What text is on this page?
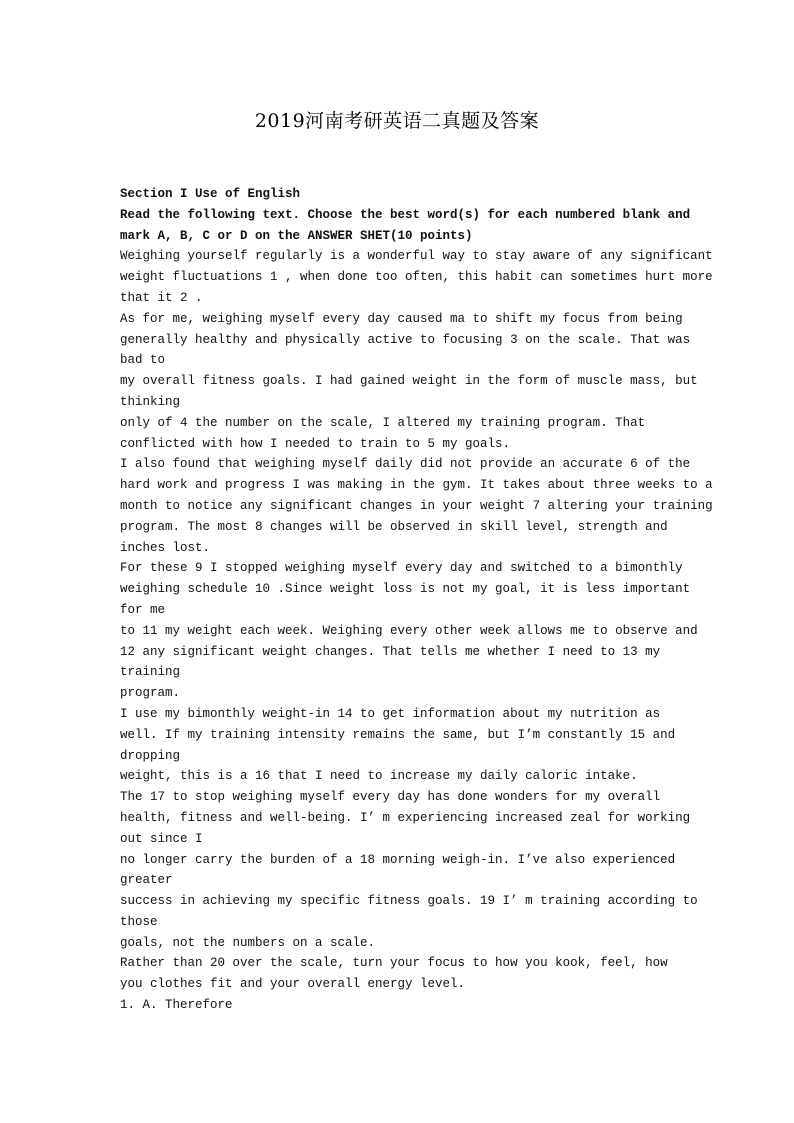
2019河南考研英语二真题及答案
Section I Use of English
Read the following text. Choose the best word(s) for each numbered blank and
mark A, B, C or D on the ANSWER SHET(10 points)
Weighing yourself regularly is a wonderful way to stay aware of any significant
weight fluctuations 1 , when done too often, this habit can sometimes hurt more
that it 2 .
As for me, weighing myself every day caused ma to shift my focus from being
generally healthy and physically active to focusing 3 on the scale. That was
bad to
my overall fitness goals. I had gained weight in the form of muscle mass, but
thinking
only of 4 the number on the scale, I altered my training program. That
conflicted with how I needed to train to 5 my goals.
I also found that weighing myself daily did not provide an accurate 6 of the
hard work and progress I was making in the gym. It takes about three weeks to a
month to notice any significant changes in your weight 7 altering your training
program. The most 8 changes will be observed in skill level, strength and
inches lost.
For these 9 I stopped weighing myself every day and switched to a bimonthly
weighing schedule 10 .Since weight loss is not my goal, it is less important
for me
to 11 my weight each week. Weighing every other week allows me to observe and
12 any significant weight changes. That tells me whether I need to 13 my
training
program.
I use my bimonthly weight-in 14 to get information about my nutrition as
well. If my training intensity remains the same, but I’m constantly 15 and
dropping
weight, this is a 16 that I need to increase my daily caloric intake.
The 17 to stop weighing myself every day has done wonders for my overall
health, fitness and well-being. I’ m experiencing increased zeal for working
out since I
no longer carry the burden of a 18 morning weigh-in. I’ve also experienced
greater
success in achieving my specific fitness goals. 19 I’ m training according to
those
goals, not the numbers on a scale.
Rather than 20 over the scale, turn your focus to how you kook, feel, how
you clothes fit and your overall energy level.
1. A. Therefore
